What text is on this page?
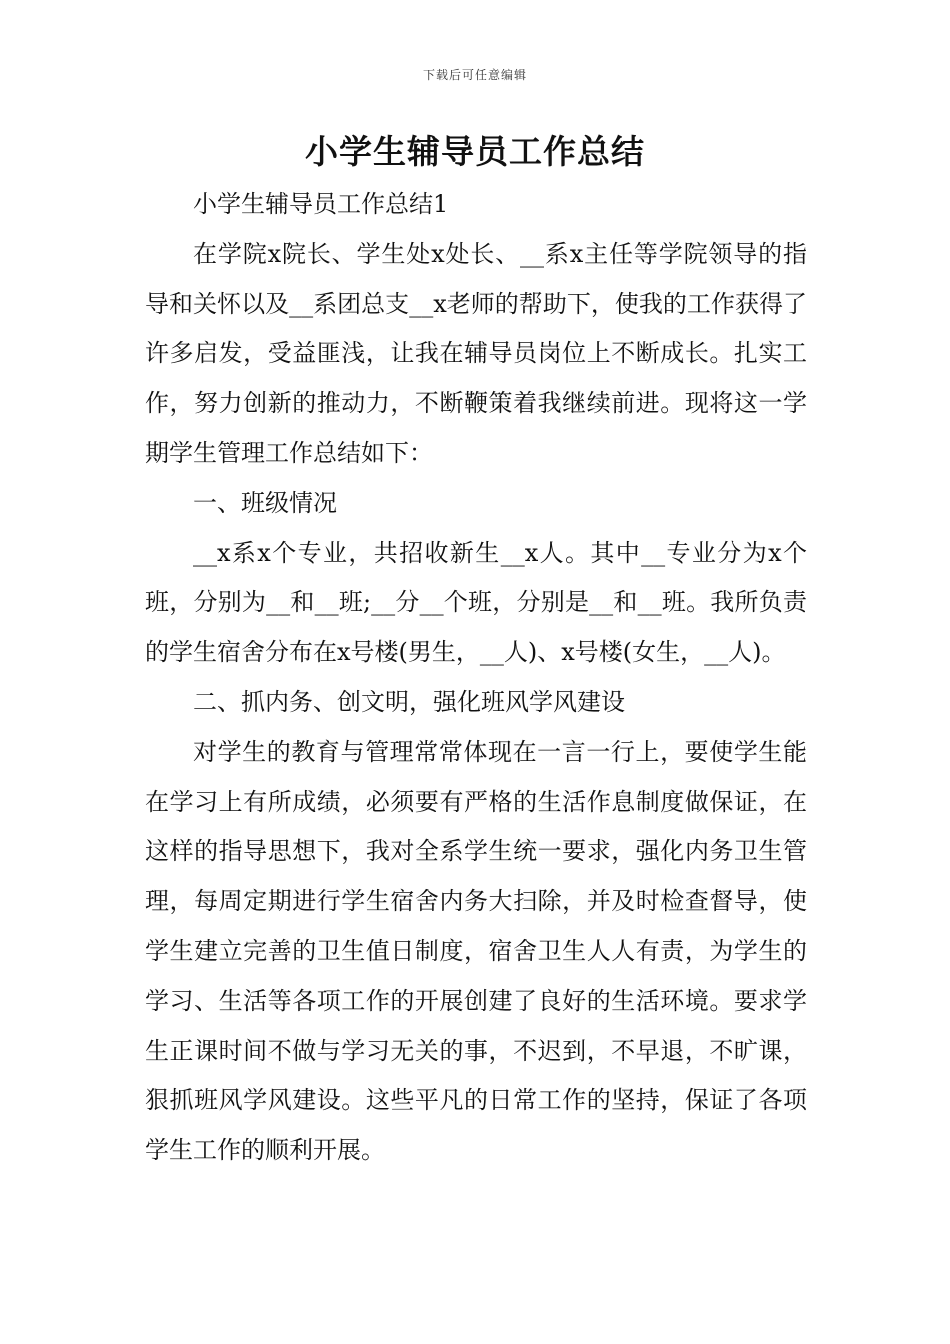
下载后可任意编辑
小学生辅导员工作总结

小学生辅导员工作总结1

在学院x院长、学生处x处长、__系x主任等学院领导的指导和关怀以及__系团总支__x老师的帮助下，使我的工作获得了许多启发，受益匪浅，让我在辅导员岗位上不断成长。扎实工作，努力创新的推动力，不断鞭策着我继续前进。现将这一学期学生管理工作总结如下：

一、班级情况

__x系x个专业，共招收新生__x人。其中__专业分为x个班，分别为__和__班;__分__个班，分别是__和__班。我所负责的学生宿舍分布在x号楼(男生，__人)、x号楼(女生，__人)。

二、抓内务、创文明，强化班风学风建设

对学生的教育与管理常常体现在一言一行上，要使学生能在学习上有所成绩，必须要有严格的生活作息制度做保证，在这样的指导思想下，我对全系学生统一要求，强化内务卫生管理，每周定期进行学生宿舍内务大扫除，并及时检查督导，使学生建立完善的卫生值日制度，宿舍卫生人人有责，为学生的学习、生活等各项工作的开展创建了良好的生活环境。要求学生正课时间不做与学习无关的事，不迟到，不早退，不旷课，狠抓班风学风建设。这些平凡的日常工作的坚持，保证了各项学生工作的顺利开展。
